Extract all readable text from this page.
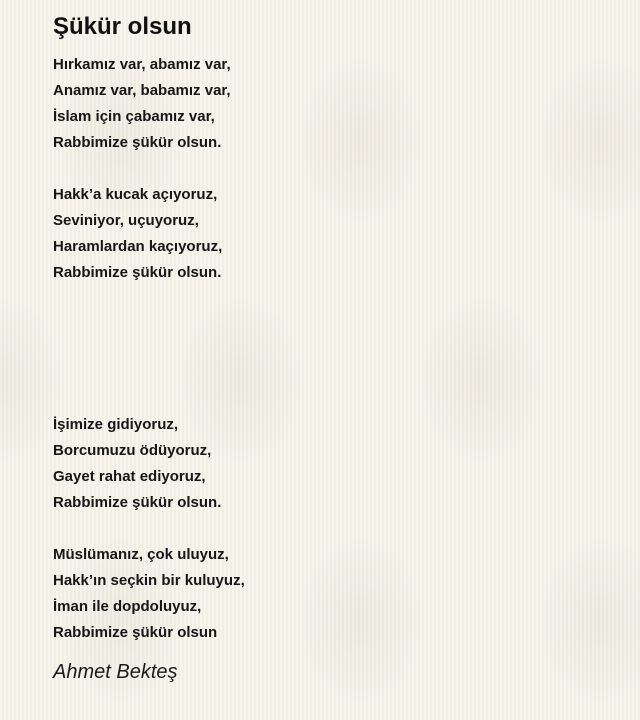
Şükür olsun
Hırkamız var, abamız var,
Anamız var, babamız var,
İslam için çabamız var,
Rabbimize şükür olsun.
Hakk’a kucak açıyoruz,
Seviniyor, uçuyoruz,
Haramlardan kaçıyoruz,
Rabbimize şükür olsun.
İşimize gidiyoruz,
Borcumuzu ödüyoruz,
Gayet rahat ediyoruz,
Rabbimize şükür olsun.
Müslümanız, çok uluyuz,
Hakk’ın seçkin bir kuluyuz,
İman ile dopdoluyuz,
Rabbimize şükür olsun
Ahmet Bekteş
